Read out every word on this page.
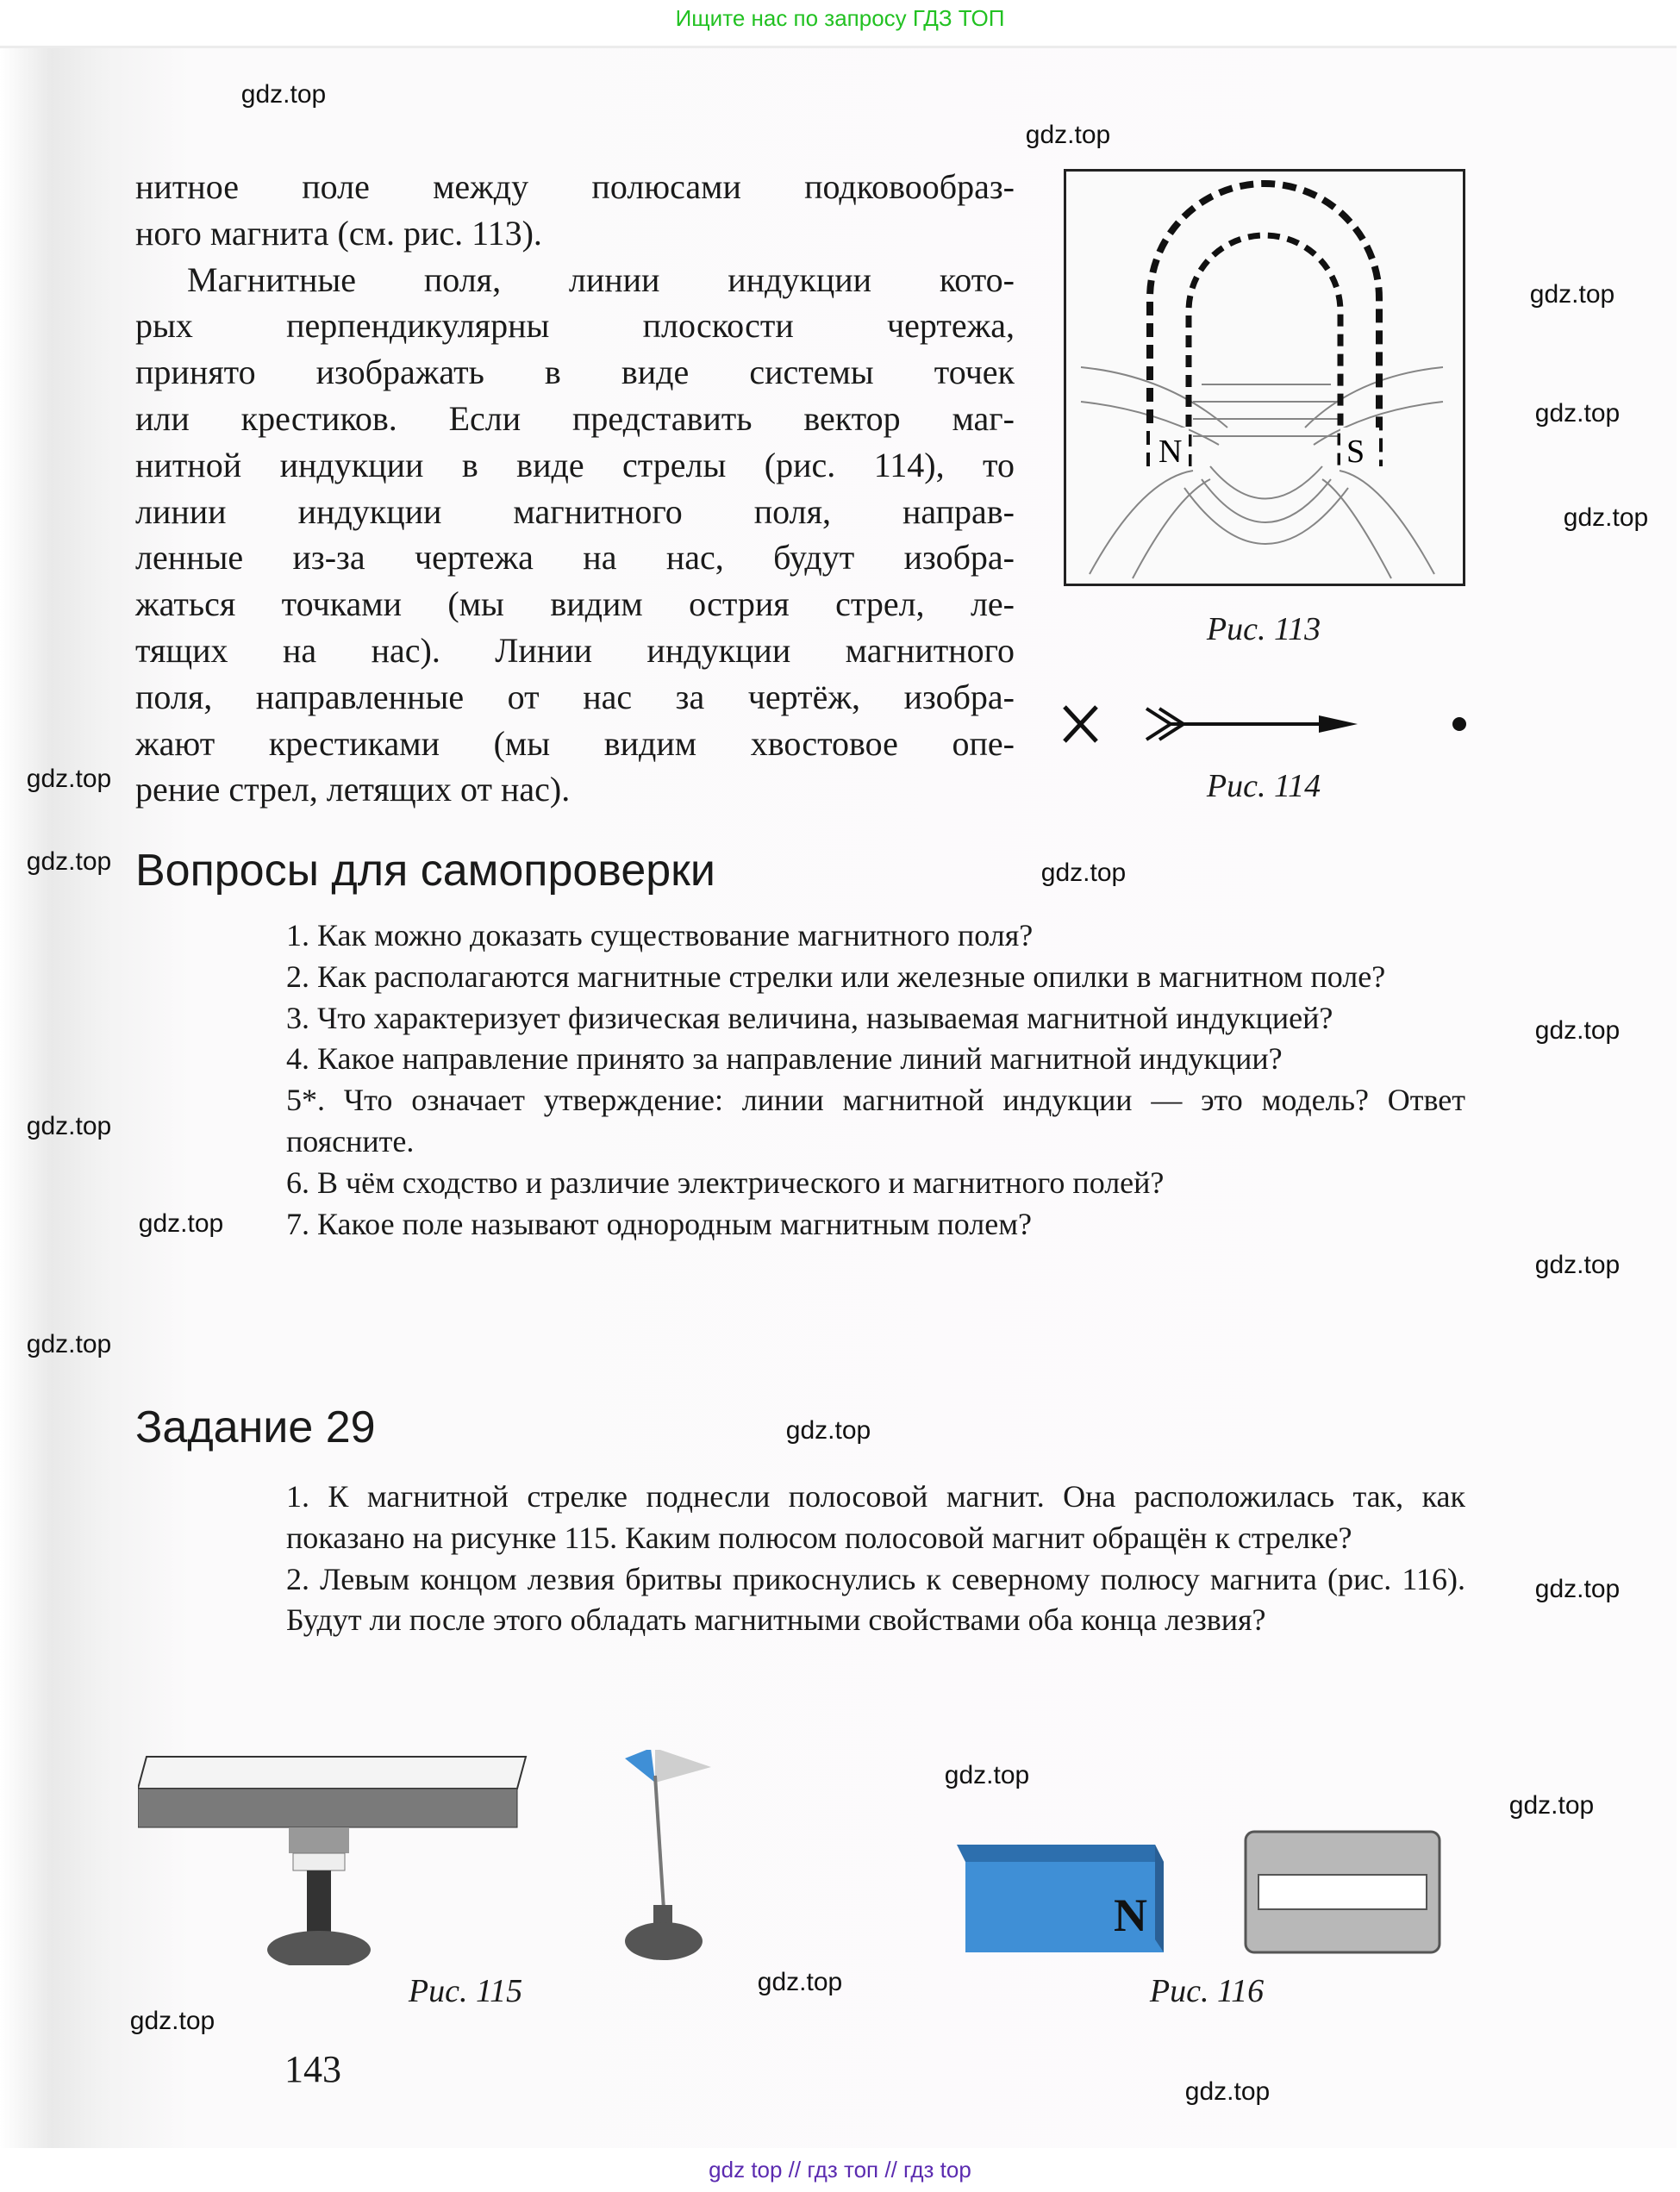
Ищите нас по запросу ГДЗ ТОП
нитное поле между полюсами подковообраз-
ного магнита (см. рис. 113).
Магнитные поля, линии индукции кото-
рых перпендикулярны плоскости чертежа,
принято изображать в виде системы точек
или крестиков. Если представить вектор маг-
нитной индукции в виде стрелы (рис. 114), то
линии индукции магнитного поля, направ-
ленные из-за чертежа на нас, будут изобра-
жаться точками (мы видим острия стрел, ле-
тящих на нас). Линии индукции магнитного
поля, направленные от нас за чертёж, изобра-
жают крестиками (мы видим хвостовое опе-
рение стрел, летящих от нас).
N	S
Рис. 113
Рис. 114
Вопросы для самопроверки
1. Как можно доказать существование магнитного поля?
2. Как располагаются магнитные стрелки или железные опилки в магнитном поле?
3. Что характеризует физическая величина, называемая магнитной индукцией?
4. Какое направление принято за направление линий магнитной индукции?
5*. Что означает утверждение: линии магнитной индукции — это модель? Ответ поясните.
6. В чём сходство и различие электрического и магнитного полей?
7. Какое поле называют однородным магнитным полем?
Задание 29
1. К магнитной стрелке поднесли полосовой магнит. Она расположилась так, как показано на рисунке 115. Каким полюсом полосовой магнит обращён к стрелке?
2. Левым концом лезвия бритвы прикоснулись к северному полюсу магнита (рис. 116). Будут ли после этого обладать магнитными свойствами оба конца лезвия?
Рис. 115
N
Рис. 116
143
gdz top // гдз топ // гдз top
gdz.top
gdz.top
gdz.top
gdz.top
gdz.top
gdz.top
gdz.top	gdz.top
gdz.top
gdz.top
gdz.top
gdz.top
gdz.top
gdz.top
gdz.top
gdz.top
gdz.top
gdz.top
gdz.top
gdz.top
